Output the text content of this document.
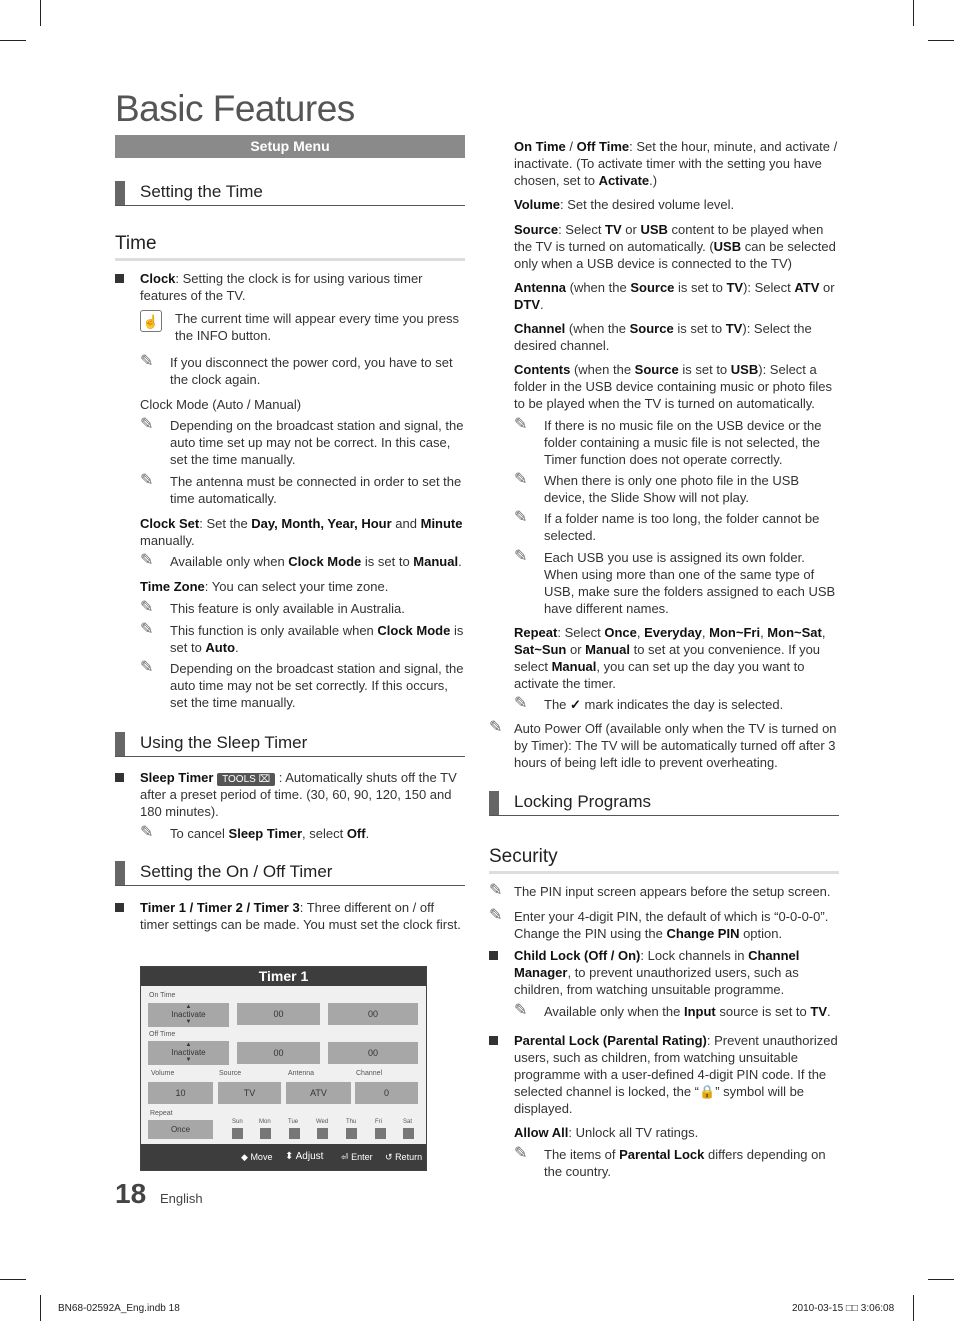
Basic Features
Setup Menu
Setting the Time
Time
Clock: Setting the clock is for using various timer features of the TV.
☝ The current time will appear every time you press the INFO button.
✎ If you disconnect the power cord, you have to set the clock again.
Clock Mode (Auto / Manual)
✎ Depending on the broadcast station and signal, the auto time set up may not be correct. In this case, set the time manually.
✎ The antenna must be connected in order to set the time automatically.
Clock Set: Set the Day, Month, Year, Hour and Minute manually.
✎ Available only when Clock Mode is set to Manual.
Time Zone: You can select your time zone.
✎ This feature is only available in Australia.
✎ This function is only available when Clock Mode is set to Auto.
✎ Depending on the broadcast station and signal, the auto time may not be set correctly. If this occurs, set the time manually.
Using the Sleep Timer
Sleep Timer TOOLS ⌧ : Automatically shuts off the TV after a preset period of time. (30, 60, 90, 120, 150 and 180 minutes).
✎ To cancel Sleep Timer, select Off.
Setting the On / Off Timer
Timer 1 / Timer 2 / Timer 3: Three different on / off timer settings can be made. You must set the clock first.
Timer 1
On Time
▲
Inactivate
▼
00	00
Off Time
▲
Inactivate
▼
00	00
Volume	Source	Antenna	Channel
10	TV	ATV	0
Repeat
Once
Sun	Mon	Tue	Wed	Thu	Fri	Sat
◆ Move ⬍ Adjust ⏎ Enter ↺ Return
On Time / Off Time: Set the hour, minute, and activate / inactivate. (To activate timer with the setting you have chosen, set to Activate.)
Volume: Set the desired volume level.
Source: Select TV or USB content to be played when the TV is turned on automatically. (USB can be selected only when a USB device is connected to the TV)
Antenna (when the Source is set to TV): Select ATV or DTV.
Channel (when the Source is set to TV): Select the desired channel.
Contents (when the Source is set to USB): Select a folder in the USB device containing music or photo files to be played when the TV is turned on automatically.
✎ If there is no music file on the USB device or the folder containing a music file is not selected, the Timer function does not operate correctly.
✎ When there is only one photo file in the USB device, the Slide Show will not play.
✎ If a folder name is too long, the folder cannot be selected.
✎ Each USB you use is assigned its own folder. When using more than one of the same type of USB, make sure the folders assigned to each USB have different names.
Repeat: Select Once, Everyday, Mon~Fri, Mon~Sat, Sat~Sun or Manual to set at you convenience. If you select Manual, you can set up the day you want to activate the timer.
✎ The ✓ mark indicates the day is selected.
✎ Auto Power Off (available only when the TV is turned on by Timer): The TV will be automatically turned off after 3 hours of being left idle to prevent overheating.
Locking Programs
Security
✎ The PIN input screen appears before the setup screen.
✎ Enter your 4-digit PIN, the default of which is “0-0-0-0”. Change the PIN using the Change PIN option.
Child Lock (Off / On): Lock channels in Channel Manager, to prevent unauthorized users, such as children, from watching unsuitable programme.
✎ Available only when the Input source is set to TV.
Parental Lock (Parental Rating): Prevent unauthorized users, such as children, from watching unsuitable programme with a user-defined 4-digit PIN code. If the selected channel is locked, the “🔒” symbol will be displayed.
Allow All: Unlock all TV ratings.
✎ The items of Parental Lock differs depending on the country.
18 English
BN68-02592A_Eng.indb 18	2010-03-15 □□ 3:06:08
